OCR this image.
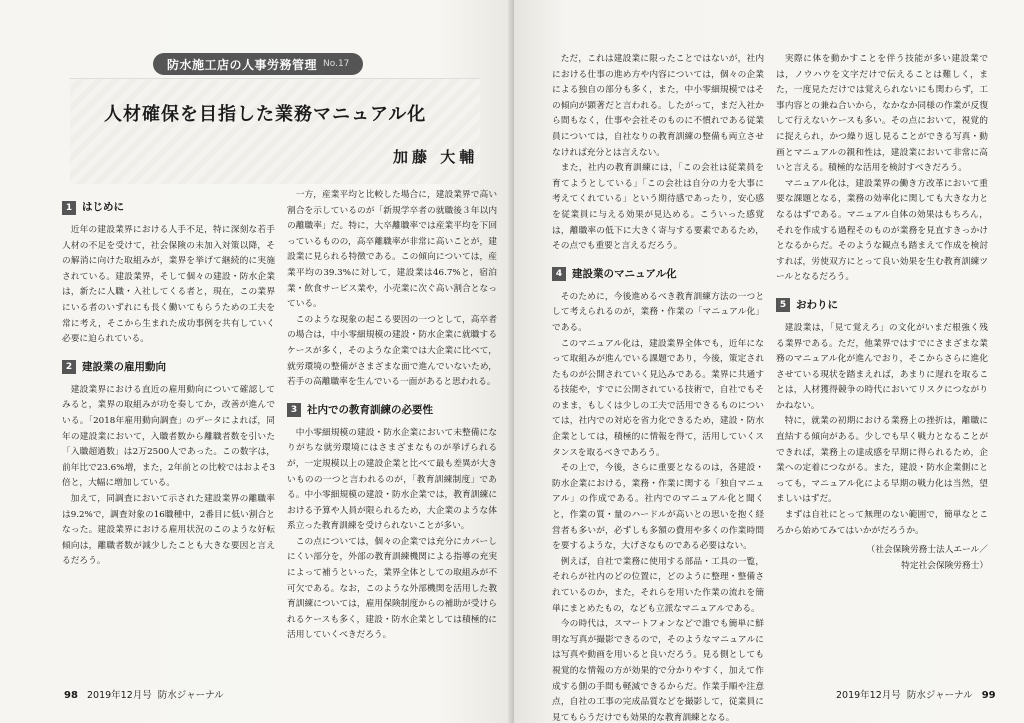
防水施工店の人事労務管理 No.17
人材確保を目指した業務マニュアル化
加藤 大輔
1 はじめに

近年の建設業界における人手不足，特に深刻な若手人材の不足を受けて，社会保険の未加入対策以降，その解消に向けた取組みが，業界を挙げて継続的に実施されている。建設業界，そして個々の建設・防水企業は，新たに人職・入社してくる者と，現在，この業界にいる者のいずれにも長く働いてもらうための工夫を常に考え，そこから生まれた成功事例を共有していく必要に迫られている。

2 建設業の雇用動向

建設業界における直近の雇用動向について確認してみると，業界の取組みが功を奏してか，改善が進んでいる。「2018年雇用動向調査」のデータによれば，同年の建設業において，入職者数から離職者数を引いた「入職超過数」は2万2500人であった。この数字は，前年比で23.6%増，また，2年前との比較ではおよそ3倍と，大幅に増加している。

加えて，同調査において示された建設業界の離職率は9.2%で，調査対象の16職種中，2番目に低い割合となった。建設業界における雇用状況のこのような好転傾向は，離職者数が減少したことも大きな要因と言えるだろう。

一方，産業平均と比較した場合に，建設業界で高い割合を示しているのが「新規学卒者の就職後３年以内の離職率」だ。特に，大卒離職率では産業平均を下回っているものの，高卒離職率が非常に高いことが，建設業に見られる特徴である。この傾向については，産業平均の39.3%に対して，建設業は46.7%と，宿泊業・飲食サービス業や，小売業に次ぐ高い割合となっている。

このような現象の起こる要因の一つとして，高卒者の場合は，中小零細規模の建設・防水企業に就職するケースが多く，そのような企業では大企業に比べて，就労環境の整備がさまざまな面で進んでいないため，若手の高離職率を生んでいる一面があると思われる。

3 社内での教育訓練の必要性

中小零細規模の建設・防水企業において未整備になりがちな就労環境にはさまざまなものが挙げられるが，一定規模以上の建設企業と比べて最も差異が大きいものの一つと言われるのが，「教育訓練制度」である。中小零細規模の建設・防水企業では，教育訓練における予算や人員が限られるため，大企業のような体系立った教育訓練を受けられないことが多い。

この点については，個々の企業では充分にカバーしにくい部分を，外部の教育訓練機関による指導の充実によって補うといった，業界全体としての取組みが不可欠である。なお，このような外部機関を活用した教育訓練については，雇用保険制度からの補助が受けられるケースも多く，建設・防水企業としては積極的に活用していくべきだろう。

98 2019年12月号 防水ジャーナル

ただ，これは建設業に限ったことではないが，社内における仕事の進め方や内容については，個々の企業による独自の部分も多く，また，中小零細規模ではその傾向が顕著だと言われる。したがって，まだ入社から間もなく，仕事や会社そのものに不慣れである従業員については，自社なりの教育訓練の整備も両立させなければ充分とは言えない。

また，社内の教育訓練には，「この会社は従業員を育てようとしている」「この会社は自分の力を大事に考えてくれている」という期待感であったり，安心感を従業員に与える効果が見込める。こういった感覚は，離職率の低下に大きく寄与する要素であるため，その点でも重要と言えるだろう。

4 建設業のマニュアル化

そのために，今後進めるべき教育訓練方法の一つとして考えられるのが，業務・作業の「マニュアル化」である。

このマニュアル化は，建設業界全体でも，近年になって取組みが進んでいる課題であり，今後，策定されたものが公開されていく見込みである。業界に共通する技能や，すでに公開されている技術で，自社でもそのまま，もしくは少しの工夫で活用できるものについては，社内での対応を省力化できるため，建設・防水企業としては，積極的に情報を得て，活用していくスタンスを取るべきであろう。

その上で，今後，さらに重要となるのは，各建設・防水企業における，業務・作業に関する「独自マニュアル」の作成である。社内でのマニュアル化と聞くと，作業の質・量のハードルが高いとの思いを抱く経営者も多いが，必ずしも多額の費用や多くの作業時間を要するような，大げさなものである必要はない。

例えば，自社で業務に使用する部品・工具の一覧，それらが社内のどの位置に，どのように整理・整備されているのか，また，それらを用いた作業の流れを簡単にまとめたもの，なども立派なマニュアルである。

今の時代は，スマートフォンなどで誰でも簡単に鮮明な写真が撮影できるので，そのようなマニュアルには写真や動画を用いると良いだろう。見る側としても視覚的な情報の方が効果的で分かりやすく，加えて作成する側の手間も軽減できるからだ。作業手順や注意点，自社の工事の完成品質などを撮影して，従業員に見てもらうだけでも効果的な教育訓練となる。

実際に体を動かすことを伴う技能が多い建設業では，ノウハウを文字だけで伝えることは難しく，また，一度見ただけでは覚えられないにも関わらず，工事内容との兼ね合いから，なかなか同様の作業が反復して行えないケースも多い。その点において，視覚的に捉えられ，かつ繰り返し見ることができる写真・動画とマニュアルの親和性は，建設業において非常に高いと言える。積極的な活用を検討すべきだろう。

マニュアル化は，建設業界の働き方改革において重要な課題となる，業務の効率化に関しても大きな力となるはずである。マニュアル自体の効果はもちろん，それを作成する過程そのものが業務を見直すきっかけとなるからだ。そのような観点も踏まえて作成を検討すれば，労使双方にとって良い効果を生む教育訓練ツールとなるだろう。

5 おわりに

建設業は，「見て覚えろ」の文化がいまだ根強く残る業界である。ただ，他業界ではすでにさまざまな業務のマニュアル化が進んでおり，そこからさらに進化させている現状を踏まえれば，あまりに遅れを取ることは，人材獲得競争の時代においてリスクにつながりかねない。

特に，就業の初期における業務上の挫折は，離職に直結する傾向がある。少しでも早く戦力となることができれば，業務上の達成感を早期に得られるため，企業への定着につながる。また，建設・防水企業側にとっても，マニュアル化による早期の戦力化は当然，望ましいはずだ。

まずは自社にとって無理のない範囲で，簡単なところから始めてみてはいかがだろうか。

（社会保険労務士法人エール／
特定社会保険労務士）
2019年12月号 防水ジャーナル 99
